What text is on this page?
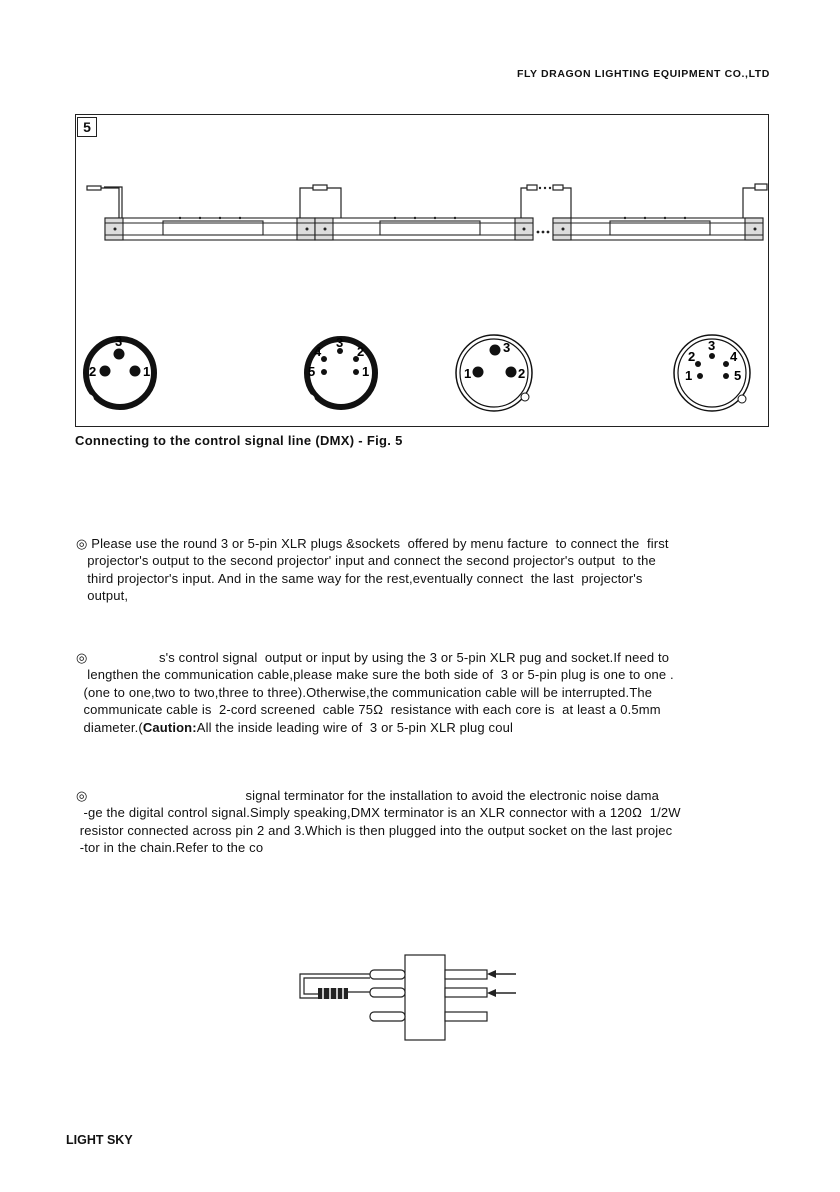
FLY DRAGON LIGHTING EQUIPMENT CO.,LTD
5
3
2	1
3
4	2
5	1
3
1	2
3
2	4
1	5
Connecting to the control signal line (DMX) - Fig. 5
◎ Please use the round 3 or 5-pin XLR plugs &sockets  offered by menu facture  to connect the  first
projector's output to the second projector' input and connect the second projector's output  to the
third projector's input. And in the same way for the rest,eventually connect  the last  projector's
output,
◎	s's control signal  output or input by using the 3 or 5-pin XLR pug and socket.If need to
lengthen the communication cable,please make sure the both side of  3 or 5-pin plug is one to one .
(one to one,two to two,three to three).Otherwise,the communication cable will be interrupted.The
communicate cable is  2-cord screened  cable 75Ω  resistance with each core is  at least a 0.5mm
diameter.(Caution:All the inside leading wire of  3 or 5-pin XLR plug coul
◎	signal terminator for the installation to avoid the electronic noise dama
-ge the digital control signal.Simply speaking,DMX terminator is an XLR connector with a 120Ω  1/2W
resistor connected across pin 2 and 3.Which is then plugged into the output socket on the last projec
-tor in the chain.Refer to the co
LIGHT SKY
